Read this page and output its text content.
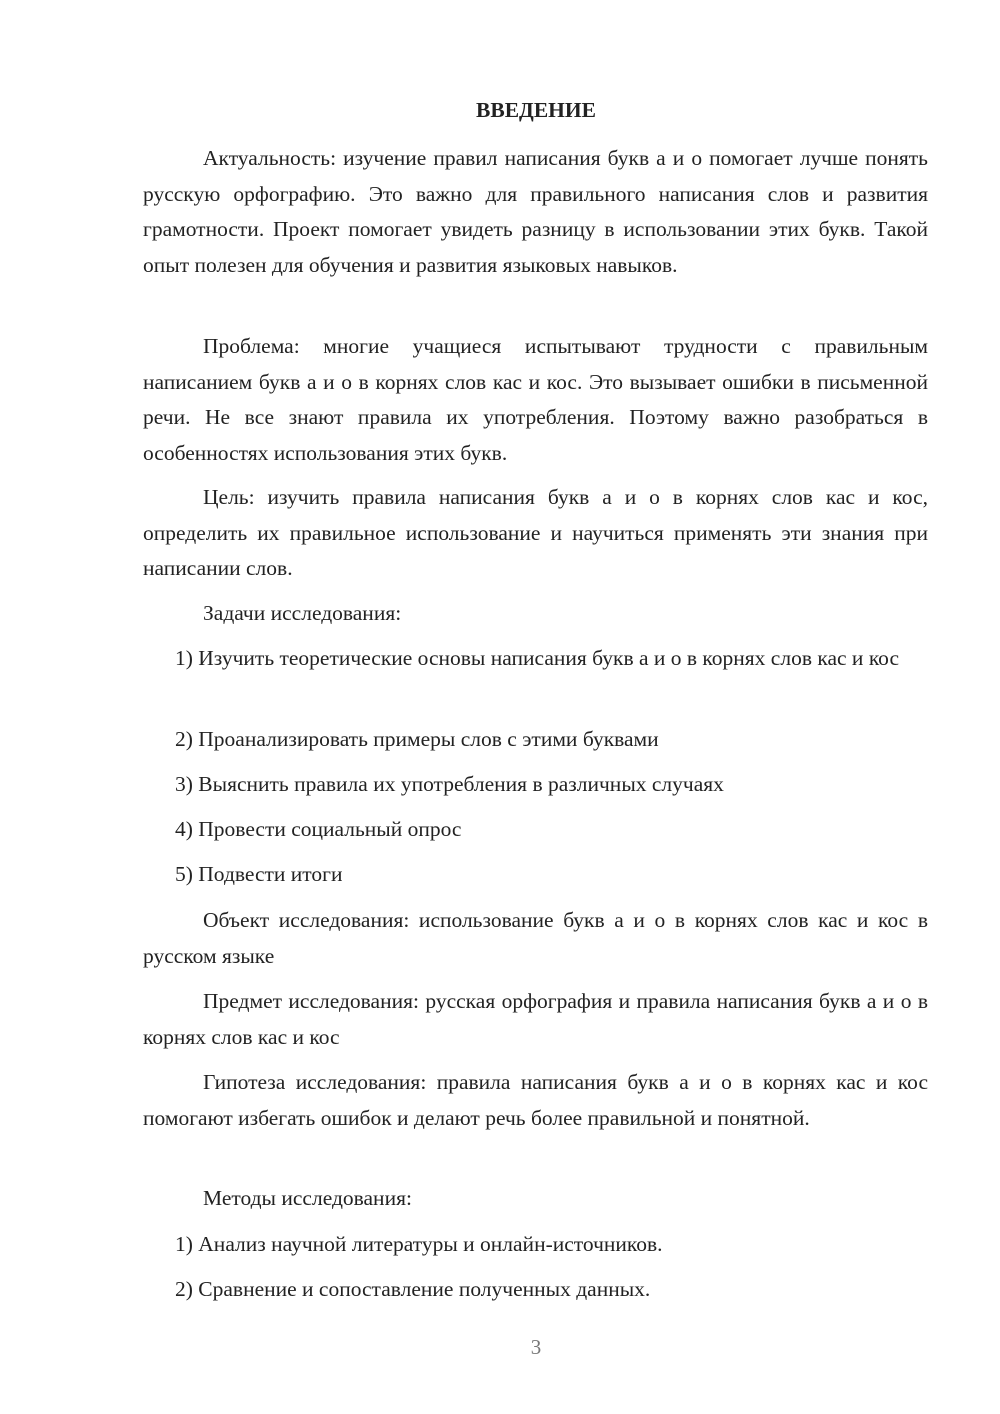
ВВЕДЕНИЕ

Актуальность: изучение правил написания букв а и о помогает лучше понять русскую орфографию. Это важно для правильного написания слов и развития грамотности. Проект помогает увидеть разницу в использовании этих букв. Такой опыт полезен для обучения и развития языковых навыков.

Проблема: многие учащиеся испытывают трудности с правильным написанием букв а и о в корнях слов кас и кос. Это вызывает ошибки в письменной речи. Не все знают правила их употребления. Поэтому важно разобраться в особенностях использования этих букв.

Цель: изучить правила написания букв а и о в корнях слов кас и кос, определить их правильное использование и научиться применять эти знания при написании слов.

Задачи исследования:

1) Изучить теоретические основы написания букв а и о в корнях слов кас и кос

2) Проанализировать примеры слов с этими буквами

3) Выяснить правила их употребления в различных случаях

4) Провести социальный опрос

5) Подвести итоги

Объект исследования: использование букв а и о в корнях слов кас и кос в русском языке

Предмет исследования: русская орфография и правила написания букв а и о в корнях слов кас и кос

Гипотеза исследования: правила написания букв а и о в корнях кас и кос помогают избегать ошибок и делают речь более правильной и понятной.

Методы исследования:

1) Анализ научной литературы и онлайн-источников.

2) Сравнение и сопоставление полученных данных.

3
